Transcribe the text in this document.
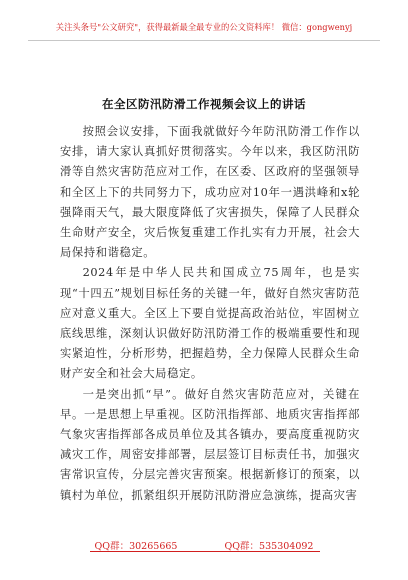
关注头条号"公文研究"，获得最新最全最专业的公文资料库！ 微信：gongwenyj
在全区防汛防滑工作视频会议上的讲话

按照会议安排，下面我就做好今年防汛防滑工作作以安排，请大家认真抓好贯彻落实。今年以来，我区防汛防滑等自然灾害防范应对工作，在区委、区政府的坚强领导和全区上下的共同努力下，成功应对10年一遇洪峰和x轮强降雨天气，最大限度降低了灾害损失，保障了人民群众生命财产安全，灾后恢复重建工作扎实有力开展，社会大局保持和谐稳定。

2024年是中华人民共和国成立75周年，也是实现“十四五”规划目标任务的关键一年，做好自然灾害防范应对意义重大。全区上下要自觉提高政治站位，牢固树立底线思维，深刻认识做好防汛防滑工作的极端重要性和现实紧迫性，分析形势，把握趋势，全力保障人民群众生命财产安全和社会大局稳定。

一是突出抓“早”。做好自然灾害防范应对，关键在早。一是思想上早重视。区防汛指挥部、地质灾害指挥部气象灾害指挥部各成员单位及其各镇办，要高度重视防灾减灾工作，周密安排部署，层层签订目标责任书，加强灾害常识宣传，分层完善灾害预案。根据新修订的预案，以镇村为单位，抓紧组织开展防汛防滑应急演练，提高灾害

QQ群：30265665	QQ群：535304092
